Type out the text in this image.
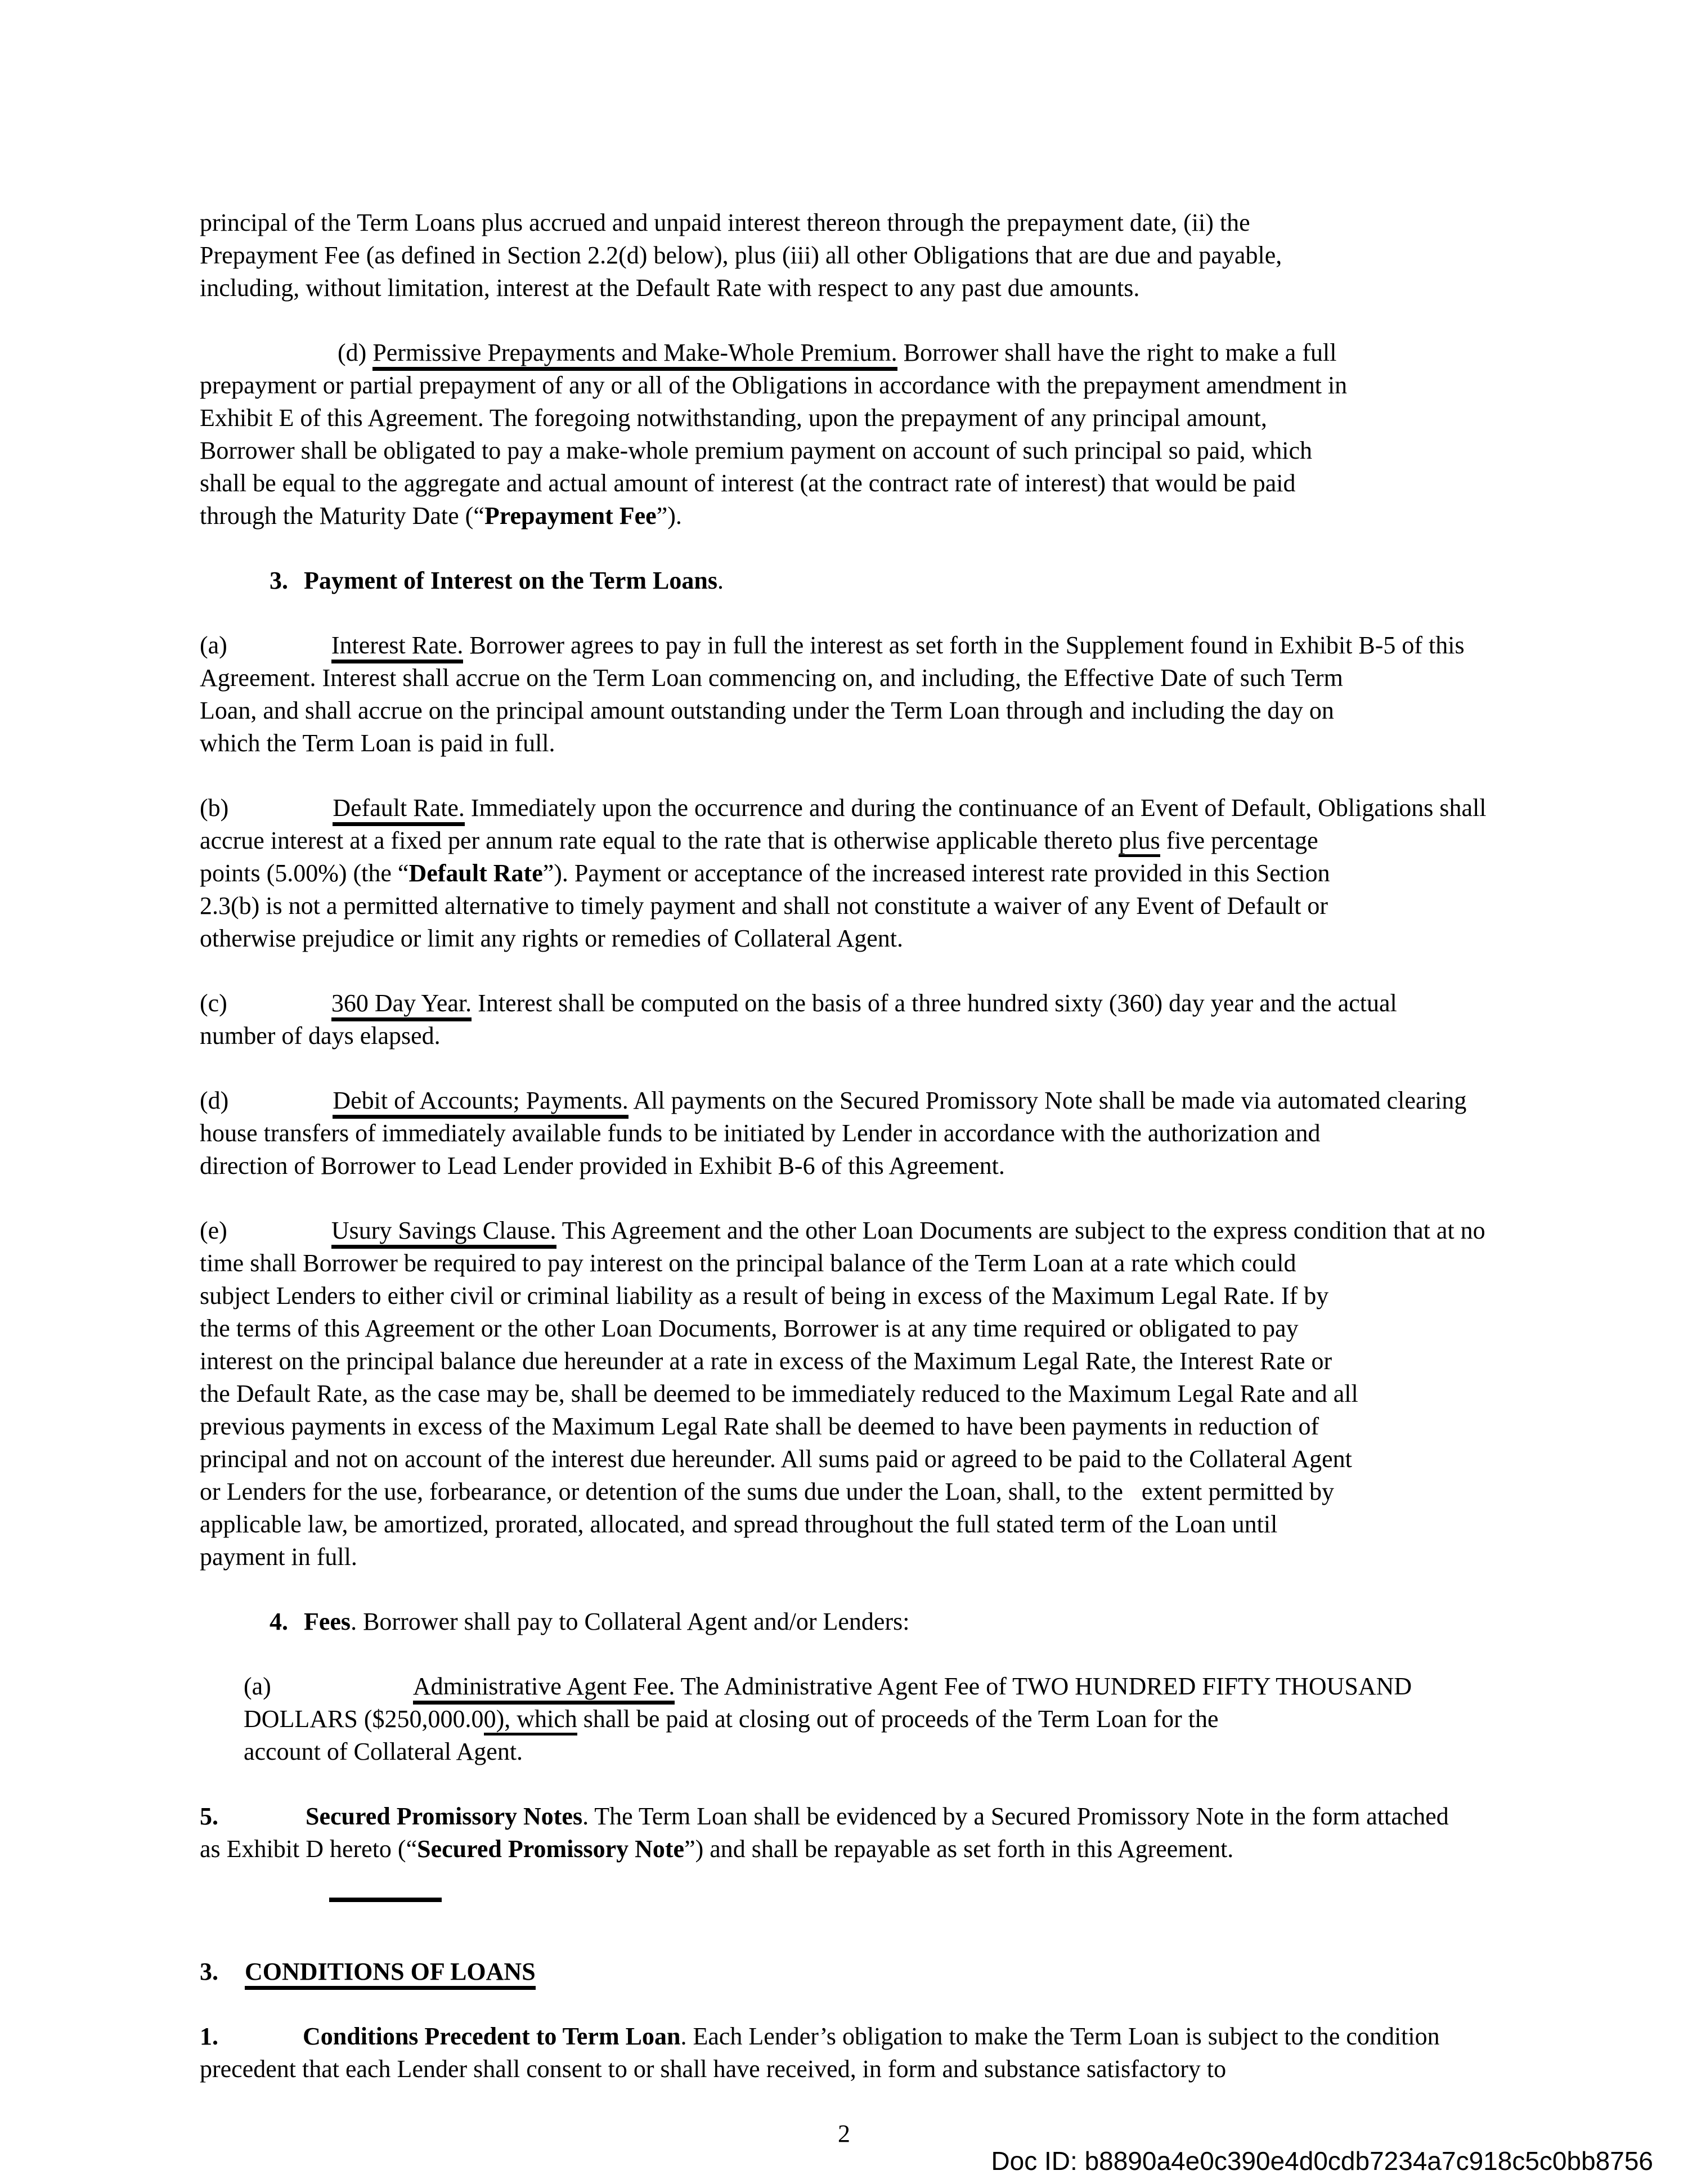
principal of the Term Loans plus accrued and unpaid interest thereon through the prepayment date, (ii) the
Prepayment Fee (as defined in Section 2.2(d) below), plus (iii) all other Obligations that are due and payable,
including, without limitation, interest at the Default Rate with respect to any past due amounts.
(d) Permissive Prepayments and Make-Whole Premium. Borrower shall have the right to make a full
prepayment or partial prepayment of any or all of the Obligations in accordance with the prepayment amendment in
Exhibit E of this Agreement. The foregoing notwithstanding, upon the prepayment of any principal amount,
Borrower shall be obligated to pay a make-whole premium payment on account of such principal so paid, which
shall be equal to the aggregate and actual amount of interest (at the contract rate of interest) that would be paid
through the Maturity Date (“Prepayment Fee”).
3. Payment of Interest on the Term Loans.
(a)	Interest Rate. Borrower agrees to pay in full the interest as set forth in the Supplement found in Exhibit B-5 of this
Agreement. Interest shall accrue on the Term Loan commencing on, and including, the Effective Date of such Term
Loan, and shall accrue on the principal amount outstanding under the Term Loan through and including the day on
which the Term Loan is paid in full.
(b)	Default Rate. Immediately upon the occurrence and during the continuance of an Event of Default, Obligations shall
accrue interest at a fixed per annum rate equal to the rate that is otherwise applicable thereto plus five percentage
points (5.00%) (the “Default Rate”). Payment or acceptance of the increased interest rate provided in this Section
2.3(b) is not a permitted alternative to timely payment and shall not constitute a waiver of any Event of Default or
otherwise prejudice or limit any rights or remedies of Collateral Agent.
(c)	360 Day Year. Interest shall be computed on the basis of a three hundred sixty (360) day year and the actual
number of days elapsed.
(d)	Debit of Accounts; Payments. All payments on the Secured Promissory Note shall be made via automated clearing
house transfers of immediately available funds to be initiated by Lender in accordance with the authorization and
direction of Borrower to Lead Lender provided in Exhibit B-6 of this Agreement.
(e)	Usury Savings Clause. This Agreement and the other Loan Documents are subject to the express condition that at no
time shall Borrower be required to pay interest on the principal balance of the Term Loan at a rate which could
subject Lenders to either civil or criminal liability as a result of being in excess of the Maximum Legal Rate. If by
the terms of this Agreement or the other Loan Documents, Borrower is at any time required or obligated to pay
interest on the principal balance due hereunder at a rate in excess of the Maximum Legal Rate, the Interest Rate or
the Default Rate, as the case may be, shall be deemed to be immediately reduced to the Maximum Legal Rate and all
previous payments in excess of the Maximum Legal Rate shall be deemed to have been payments in reduction of
principal and not on account of the interest due hereunder. All sums paid or agreed to be paid to the Collateral Agent
or Lenders for the use, forbearance, or detention of the sums due under the Loan, shall, to the   extent permitted by
applicable law, be amortized, prorated, allocated, and spread throughout the full stated term of the Loan until
payment in full.
4. Fees. Borrower shall pay to Collateral Agent and/or Lenders:
(a)	Administrative Agent Fee. The Administrative Agent Fee of TWO HUNDRED FIFTY THOUSAND
DOLLARS ($250,000.00), which shall be paid at closing out of proceeds of the Term Loan for the
account of Collateral Agent.
5.	Secured Promissory Notes. The Term Loan shall be evidenced by a Secured Promissory Note in the form attached
as Exhibit D hereto (“Secured Promissory Note”) and shall be repayable as set forth in this Agreement.
3. CONDITIONS OF LOANS
1.	Conditions Precedent to Term Loan. Each Lender’s obligation to make the Term Loan is subject to the condition
precedent that each Lender shall consent to or shall have received, in form and substance satisfactory to
2
Doc ID: b8890a4e0c390e4d0cdb7234a7c918c5c0bb8756
